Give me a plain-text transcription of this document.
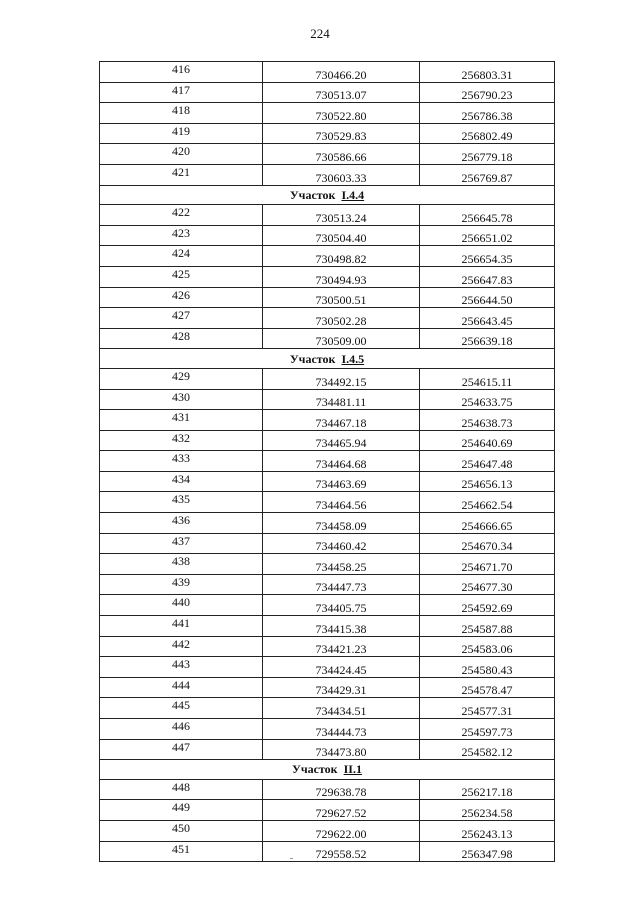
224
416	730466.20	256803.31
417	730513.07	256790.23
418	730522.80	256786.38
419	730529.83	256802.49
420	730586.66	256779.18
421	730603.33	256769.87
Участок I.4.4		
422	730513.24	256645.78
423	730504.40	256651.02
424	730498.82	256654.35
425	730494.93	256647.83
426	730500.51	256644.50
427	730502.28	256643.45
428	730509.00	256639.18
Участок I.4.5		
429	734492.15	254615.11
430	734481.11	254633.75
431	734467.18	254638.73
432	734465.94	254640.69
433	734464.68	254647.48
434	734463.69	254656.13
435	734464.56	254662.54
436	734458.09	254666.65
437	734460.42	254670.34
438	734458.25	254671.70
439	734447.73	254677.30
440	734405.75	254592.69
441	734415.38	254587.88
442	734421.23	254583.06
443	734424.45	254580.43
444	734429.31	254578.47
445	734434.51	254577.31
446	734444.73	254597.73
447	734473.80	254582.12
Участок II.1		
448	729638.78	256217.18
449	729627.52	256234.58
450	729622.00	256243.13
451	729558.52	256347.98
